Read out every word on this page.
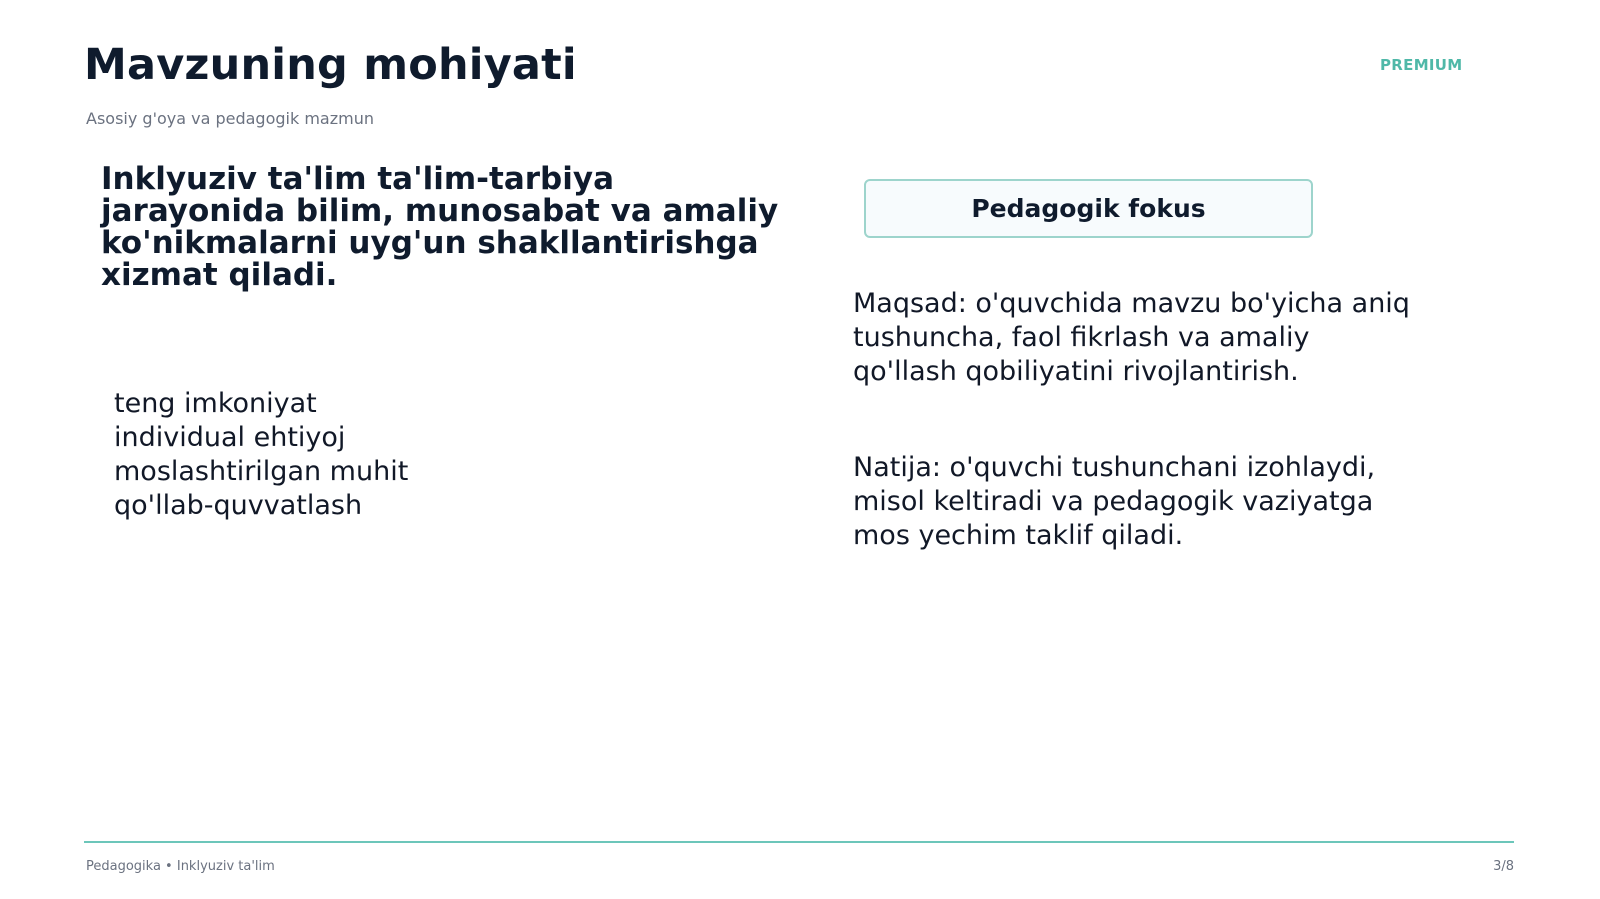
Mavzuning mohiyati
Asosiy g'oya va pedagogik mazmun
PREMIUM
Inklyuziv ta'lim ta'lim-tarbiya jarayonida bilim, munosabat va amaliy ko'nikmalarni uyg'un shakllantirishga xizmat qiladi.
teng imkoniyat
individual ehtiyoj
moslashtirilgan muhit
qo'llab-quvvatlash
Pedagogik fokus
Maqsad: o'quvchida mavzu bo'yicha aniq tushuncha, faol fikrlash va amaliy qo'llash qobiliyatini rivojlantirish.
Natija: o'quvchi tushunchani izohlaydi, misol keltiradi va pedagogik vaziyatga mos yechim taklif qiladi.
Pedagogika • Inklyuziv ta'lim	3/8
